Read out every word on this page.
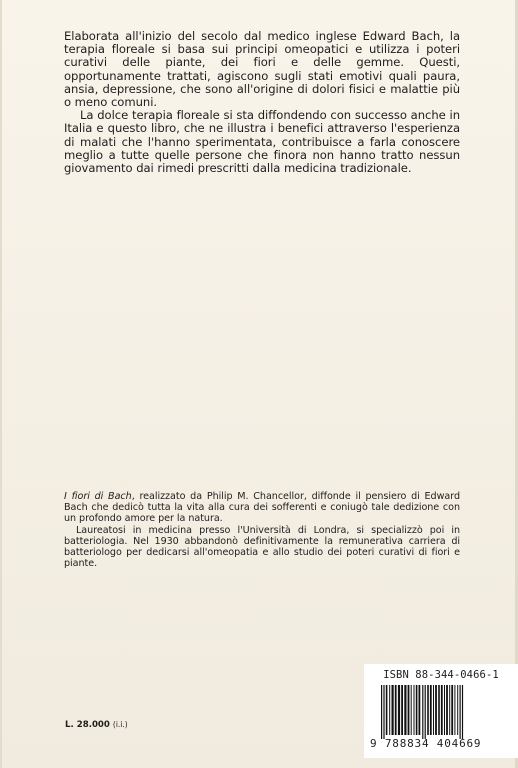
Elaborata all'inizio del secolo dal medico inglese Edward Bach, la terapia floreale si basa sui principi omeopatici e utilizza i poteri curativi delle piante, dei fiori e delle gemme. Questi, opportunamente trattati, agiscono sugli stati emotivi quali paura, ansia, depressione, che sono all'origine di dolori fisici e malattie più o meno comuni.

La dolce terapia floreale si sta diffondendo con successo anche in Italia e questo libro, che ne illustra i benefici attraverso l'esperienza di malati che l'hanno sperimentata, contribuisce a farla conoscere meglio a tutte quelle persone che finora non hanno tratto nessun giovamento dai rimedi prescritti dalla medicina tradizionale.

I fiori di Bach, realizzato da Philip M. Chancellor, diffonde il pensiero di Edward Bach che dedicò tutta la vita alla cura dei sofferenti e coniugò tale dedizione con un profondo amore per la natura.

Laureatosi in medicina presso l'Università di Londra, si specializzò poi in batteriologia. Nel 1930 abbandonò definitivamente la remunerativa carriera di batteriologo per dedicarsi all'omeopatia e allo studio dei poteri curativi di fiori e piante.

ISBN 88-344-0466-1
9 788834 404669
L. 28.000 (i.i.)
